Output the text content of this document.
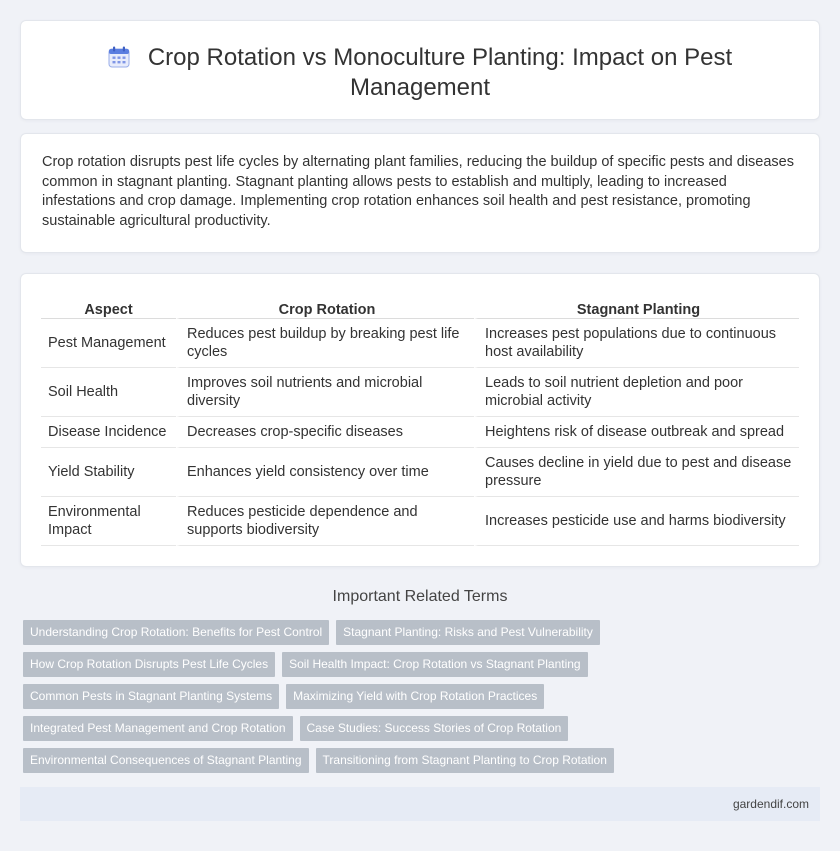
Crop Rotation vs Monoculture Planting: Impact on Pest
Management

Crop rotation disrupts pest life cycles by alternating plant families, reducing the buildup of specific pests and diseases common in stagnant planting. Stagnant planting allows pests to establish and multiply, leading to increased infestations and crop damage. Implementing crop rotation enhances soil health and pest resistance, promoting sustainable agricultural productivity.

Aspect	Crop Rotation	Stagnant Planting
Pest Management	Reduces pest buildup by breaking pest life cycles	Increases pest populations due to continuous host availability
Soil Health	Improves soil nutrients and microbial diversity	Leads to soil nutrient depletion and poor microbial activity
Disease Incidence	Decreases crop-specific diseases	Heightens risk of disease outbreak and spread
Yield Stability	Enhances yield consistency over time	Causes decline in yield due to pest and disease pressure
Environmental Impact	Reduces pesticide dependence and supports biodiversity	Increases pesticide use and harms biodiversity
Important Related Terms
Understanding Crop Rotation: Benefits for Pest Control Stagnant Planting: Risks and Pest Vulnerability
How Crop Rotation Disrupts Pest Life Cycles Soil Health Impact: Crop Rotation vs Stagnant Planting
Common Pests in Stagnant Planting Systems Maximizing Yield with Crop Rotation Practices
Integrated Pest Management and Crop Rotation Case Studies: Success Stories of Crop Rotation
Environmental Consequences of Stagnant Planting Transitioning from Stagnant Planting to Crop Rotation
gardendif.com
